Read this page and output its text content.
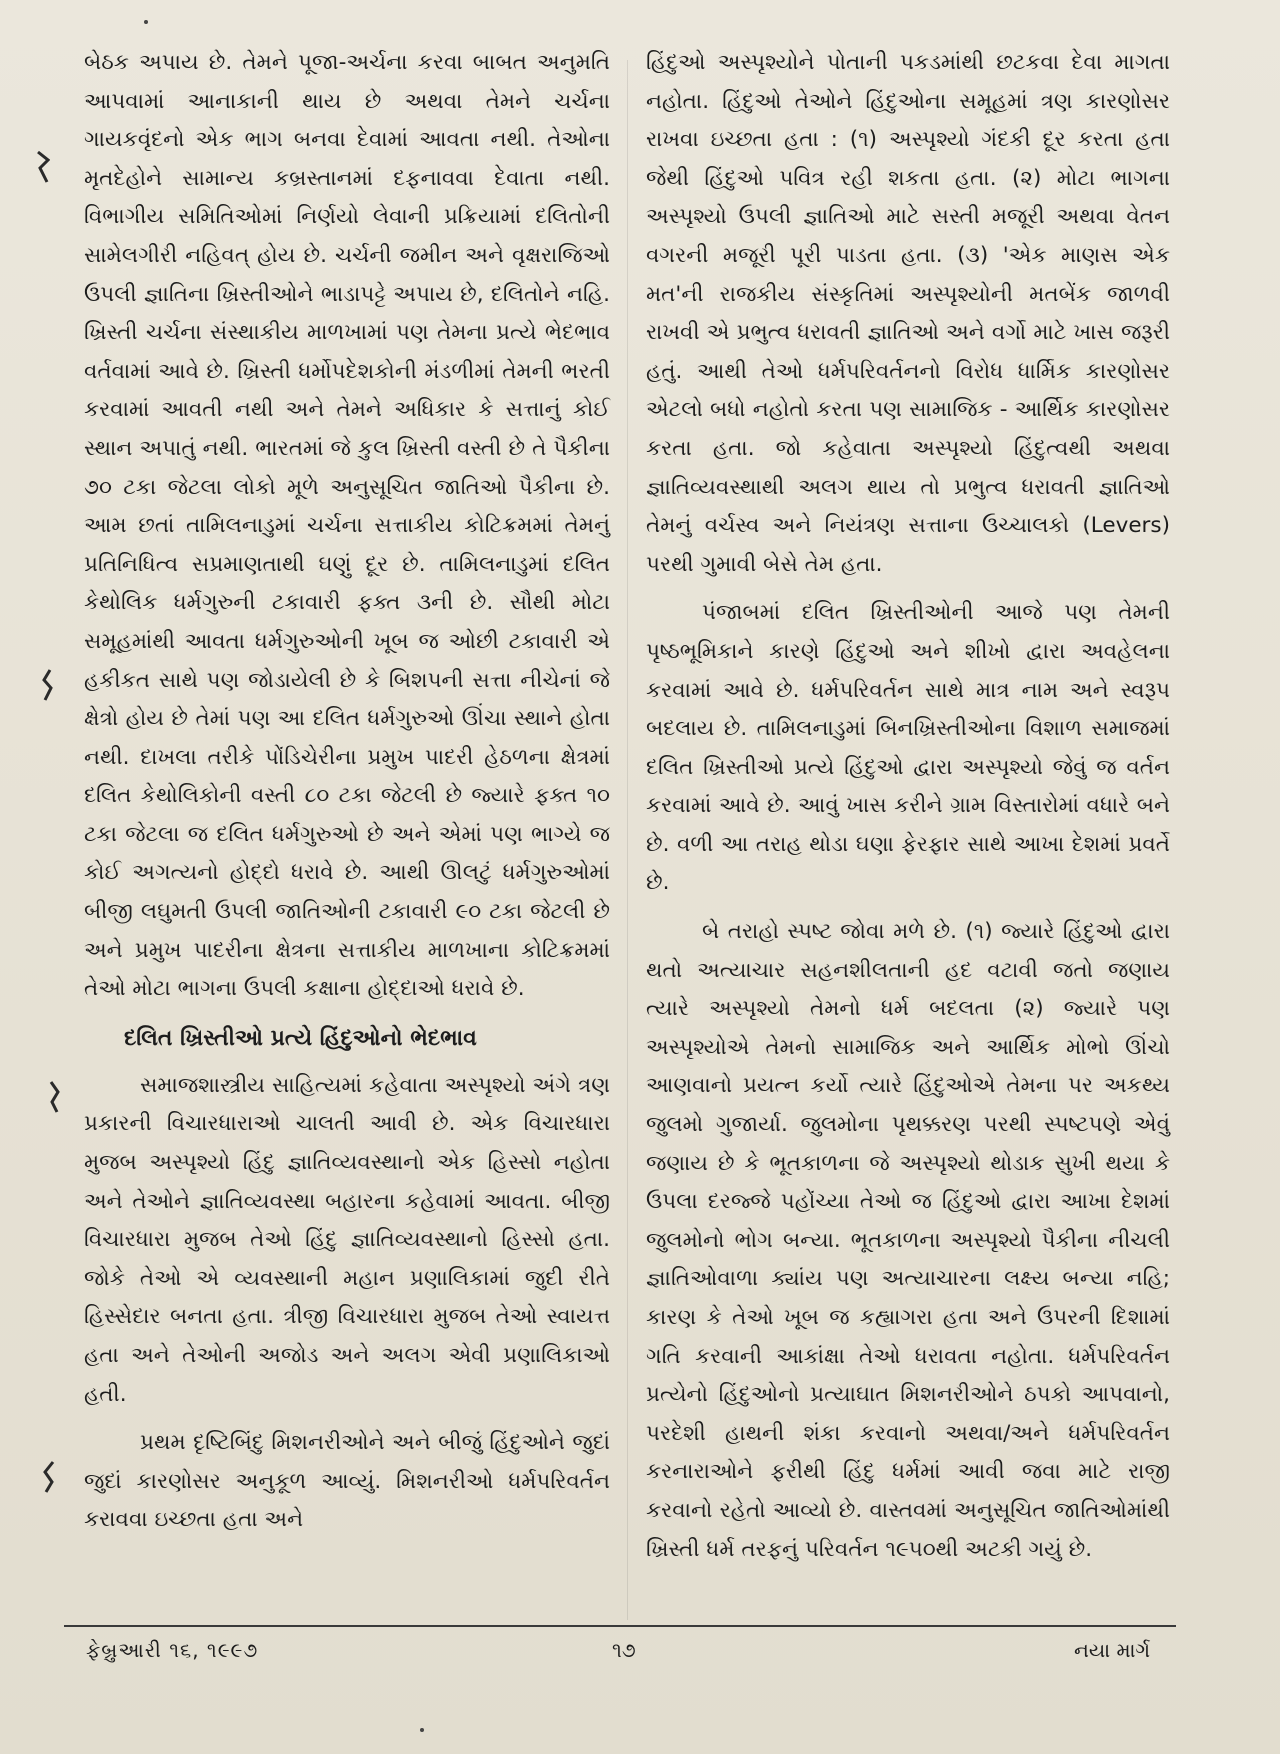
બેઠક અપાય છે. તેમને પૂજા-અર્ચના કરવા બાબત અનુમતિ આપવામાં આનાકાની થાય છે અથવા તેમને ચર્ચના ગાયકવૃંદનો એક ભાગ બનવા દેવામાં આવતા નથી. તેઓના મૃતદેહોને સામાન્ય કબ્રસ્તાનમાં દફનાવવા દેવાતા નથી. વિભાગીય સમિતિઓમાં નિર્ણયો લેવાની પ્રક્રિયામાં દલિતોની સામેલગીરી નહિવત્ હોય છે. ચર્ચની જમીન અને વૃક્ષરાજિઓ ઉપલી જ્ઞાતિના ખ્રિસ્તીઓને ભાડાપટ્ટે અપાય છે, દલિતોને નહિ. ખ્રિસ્તી ચર્ચના સંસ્થાકીય માળખામાં પણ તેમના પ્રત્યે ભેદભાવ વર્તવામાં આવે છે. ખ્રિસ્તી ધર્મોપદેશકોની મંડળીમાં તેમની ભરતી કરવામાં આવતી નથી અને તેમને અધિકાર કે સત્તાનું કોઈ સ્થાન અપાતું નથી. ભારતમાં જે કુલ ખ્રિસ્તી વસ્તી છે તે પૈકીના ૭૦ ટકા જેટલા લોકો મૂળે અનુસૂચિત જાતિઓ પૈકીના છે. આમ છતાં તામિલનાડુમાં ચર્ચના સત્તાકીય કોટિક્રમમાં તેમનું પ્રતિનિધિત્વ સપ્રમાણતાથી ઘણું દૂર છે. તામિલનાડુમાં દલિત કેથોલિક ધર્મગુરુની ટકાવારી ફક્ત ૩ની છે. સૌથી મોટા સમૂહમાંથી આવતા ધર્મગુરુઓની ખૂબ જ ઓછી ટકાવારી એ હકીકત સાથે પણ જોડાયેલી છે કે બિશપની સત્તા નીચેનાં જે ક્ષેત્રો હોય છે તેમાં પણ આ દલિત ધર્મગુરુઓ ઊંચા સ્થાને હોતા નથી. દાખલા તરીકે પોંડિચેરીના પ્રમુખ પાદરી હેઠળના ક્ષેત્રમાં દલિત કેથોલિકોની વસ્તી ૮૦ ટકા જેટલી છે જ્યારે ફક્ત ૧૦ ટકા જેટલા જ દલિત ધર્મગુરુઓ છે અને એમાં પણ ભાગ્યે જ કોઈ અગત્યનો હોદ્દો ધરાવે છે. આથી ઊલટું ધર્મગુરુઓમાં બીજી લઘુમતી ઉપલી જાતિઓની ટકાવારી ૯૦ ટકા જેટલી છે અને પ્રમુખ પાદરીના ક્ષેત્રના સત્તાકીય માળખાના કોટિક્રમમાં તેઓ મોટા ભાગના ઉપલી કક્ષાના હોદ્દાઓ ધરાવે છે.

દલિત ખ્રિસ્તીઓ પ્રત્યે હિંદુઓનો ભેદભાવ

સમાજશાસ્ત્રીય સાહિત્યમાં કહેવાતા અસ્પૃશ્યો અંગે ત્રણ પ્રકારની વિચારધારાઓ ચાલતી આવી છે. એક વિચારધારા મુજબ અસ્પૃશ્યો હિંદુ જ્ઞાતિવ્યવસ્થાનો એક હિસ્સો નહોતા અને તેઓને જ્ઞાતિવ્યવસ્થા બહારના કહેવામાં આવતા. બીજી વિચારધારા મુજબ તેઓ હિંદુ જ્ઞાતિવ્યવસ્થાનો હિસ્સો હતા. જોકે તેઓ એ વ્યવસ્થાની મહાન પ્રણાલિકામાં જુદી રીતે હિસ્સેદાર બનતા હતા. ત્રીજી વિચારધારા મુજબ તેઓ સ્વાયત્ત હતા અને તેઓની અજોડ અને અલગ એવી પ્રણાલિકાઓ હતી.

પ્રથમ દૃષ્ટિબિંદુ મિશનરીઓને અને બીજું હિંદુઓને જુદાં જુદાં કારણોસર અનુકૂળ આવ્યું. મિશનરીઓ ધર્મપરિવર્તન કરાવવા ઇચ્છતા હતા અને

હિંદુઓ અસ્પૃશ્યોને પોતાની પકડમાંથી છટકવા દેવા માગતા નહોતા. હિંદુઓ તેઓને હિંદુઓના સમૂહમાં ત્રણ કારણોસર રાખવા ઇચ્છતા હતા : (૧) અસ્પૃશ્યો ગંદકી દૂર કરતા હતા જેથી હિંદુઓ પવિત્ર રહી શકતા હતા. (૨) મોટા ભાગના અસ્પૃશ્યો ઉપલી જ્ઞાતિઓ માટે સસ્તી મજૂરી અથવા વેતન વગરની મજૂરી પૂરી પાડતા હતા. (૩) 'એક માણસ એક મત'ની રાજકીય સંસ્કૃતિમાં અસ્પૃશ્યોની મતબેંક જાળવી રાખવી એ પ્રભુત્વ ધરાવતી જ્ઞાતિઓ અને વર્ગો માટે ખાસ જરૂરી હતું. આથી તેઓ ધર્મપરિવર્તનનો વિરોધ ધાર્મિક કારણોસર એટલો બધો નહોતો કરતા પણ સામાજિક - આર્થિક કારણોસર કરતા હતા. જો કહેવાતા અસ્પૃશ્યો હિંદુત્વથી અથવા જ્ઞાતિવ્યવસ્થાથી અલગ થાય તો પ્રભુત્વ ધરાવતી જ્ઞાતિઓ તેમનું વર્ચસ્વ અને નિયંત્રણ સત્તાના ઉચ્ચાલકો (Levers) પરથી ગુમાવી બેસે તેમ હતા.

પંજાબમાં દલિત ખ્રિસ્તીઓની આજે પણ તેમની પૃષ્ઠભૂમિકાને કારણે હિંદુઓ અને શીખો દ્વારા અવહેલના કરવામાં આવે છે. ધર્મપરિવર્તન સાથે માત્ર નામ અને સ્વરૂપ બદલાય છે. તામિલનાડુમાં બિનખ્રિસ્તીઓના વિશાળ સમાજમાં દલિત ખ્રિસ્તીઓ પ્રત્યે હિંદુઓ દ્વારા અસ્પૃશ્યો જેવું જ વર્તન કરવામાં આવે છે. આવું ખાસ કરીને ગ્રામ વિસ્તારોમાં વધારે બને છે. વળી આ તરાહ થોડા ઘણા ફેરફાર સાથે આખા દેશમાં પ્રવર્તે છે.

બે તરાહો સ્પષ્ટ જોવા મળે છે. (૧) જ્યારે હિંદુઓ દ્વારા થતો અત્યાચાર સહનશીલતાની હદ વટાવી જતો જણાય ત્યારે અસ્પૃશ્યો તેમનો ધર્મ બદલતા (૨) જ્યારે પણ અસ્પૃશ્યોએ તેમનો સામાજિક અને આર્થિક મોભો ઊંચો આણવાનો પ્રયત્ન કર્યો ત્યારે હિંદુઓએ તેમના પર અકથ્ય જુલમો ગુજાર્યા. જુલમોના પૃથક્કરણ પરથી સ્પષ્ટપણે એવું જણાય છે કે ભૂતકાળના જે અસ્પૃશ્યો થોડાક સુખી થયા કે ઉપલા દરજ્જે પહોંચ્યા તેઓ જ હિંદુઓ દ્વારા આખા દેશમાં જુલમોનો ભોગ બન્યા. ભૂતકાળના અસ્પૃશ્યો પૈકીના નીચલી જ્ઞાતિઓવાળા ક્યાંય પણ અત્યાચારના લક્ષ્ય બન્યા નહિ; કારણ કે તેઓ ખૂબ જ કહ્યાગરા હતા અને ઉપરની દિશામાં ગતિ કરવાની આકાંક્ષા તેઓ ધરાવતા નહોતા. ધર્મપરિવર્તન પ્રત્યેનો હિંદુઓનો પ્રત્યાઘાત મિશનરીઓને ઠપકો આપવાનો, પરદેશી હાથની શંકા કરવાનો અથવા/અને ધર્મપરિવર્તન કરનારાઓને ફરીથી હિંદુ ધર્મમાં આવી જવા માટે રાજી કરવાનો રહેતો આવ્યો છે. વાસ્તવમાં અનુસૂચિત જાતિઓમાંથી ખ્રિસ્તી ધર્મ તરફનું પરિવર્તન ૧૯૫૦થી અટકી ગયું છે.

ફેબ્રુઆરી ૧૬, ૧૯૯૭	૧૭	નયા માર્ગ
